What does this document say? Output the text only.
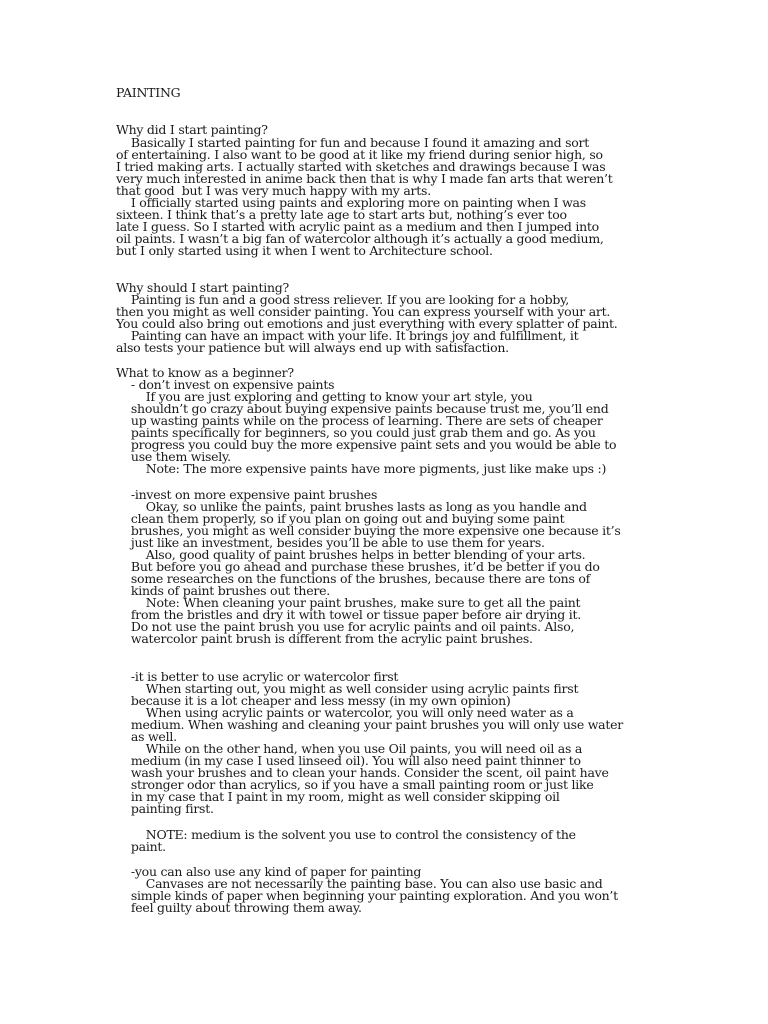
PAINTING

Why did I start painting?

Basically I started painting for fun and because I found it amazing and sort

of entertaining. I also want to be good at it like my friend during senior high, so

I tried making arts. I actually started with sketches and drawings because I was

very much interested in anime back then that is why I made fan arts that weren’t

that good  but I was very much happy with my arts.

I officially started using paints and exploring more on painting when I was

sixteen. I think that’s a pretty late age to start arts but, nothing’s ever too

late I guess. So I started with acrylic paint as a medium and then I jumped into

oil paints. I wasn’t a big fan of watercolor although it’s actually a good medium,

but I only started using it when I went to Architecture school.

Why should I start painting?

Painting is fun and a good stress reliever. If you are looking for a hobby,

then you might as well consider painting. You can express yourself with your art.

You could also bring out emotions and just everything with every splatter of paint.

Painting can have an impact with your life. It brings joy and fulfillment, it

also tests your patience but will always end up with satisfaction.

What to know as a beginner?

- don’t invest on expensive paints

If you are just exploring and getting to know your art style, you

shouldn’t go crazy about buying expensive paints because trust me, you’ll end

up wasting paints while on the process of learning. There are sets of cheaper

paints specifically for beginners, so you could just grab them and go. As you

progress you could buy the more expensive paint sets and you would be able to

use them wisely.

Note: The more expensive paints have more pigments, just like make ups :)

-invest on more expensive paint brushes

Okay, so unlike the paints, paint brushes lasts as long as you handle and

clean them properly, so if you plan on going out and buying some paint

brushes, you might as well consider buying the more expensive one because it’s

just like an investment, besides you’ll be able to use them for years.

Also, good quality of paint brushes helps in better blending of your arts.

But before you go ahead and purchase these brushes, it’d be better if you do

some researches on the functions of the brushes, because there are tons of

kinds of paint brushes out there.

Note: When cleaning your paint brushes, make sure to get all the paint

from the bristles and dry it with towel or tissue paper before air drying it.

Do not use the paint brush you use for acrylic paints and oil paints. Also,

watercolor paint brush is different from the acrylic paint brushes.

-it is better to use acrylic or watercolor first

When starting out, you might as well consider using acrylic paints first

because it is a lot cheaper and less messy (in my own opinion)

When using acrylic paints or watercolor, you will only need water as a

medium. When washing and cleaning your paint brushes you will only use water

as well.

While on the other hand, when you use Oil paints, you will need oil as a

medium (in my case I used linseed oil). You will also need paint thinner to

wash your brushes and to clean your hands. Consider the scent, oil paint have

stronger odor than acrylics, so if you have a small painting room or just like

in my case that I paint in my room, might as well consider skipping oil

painting first.

NOTE: medium is the solvent you use to control the consistency of the

paint.

-you can also use any kind of paper for painting

Canvases are not necessarily the painting base. You can also use basic and

simple kinds of paper when beginning your painting exploration. And you won’t

feel guilty about throwing them away.
